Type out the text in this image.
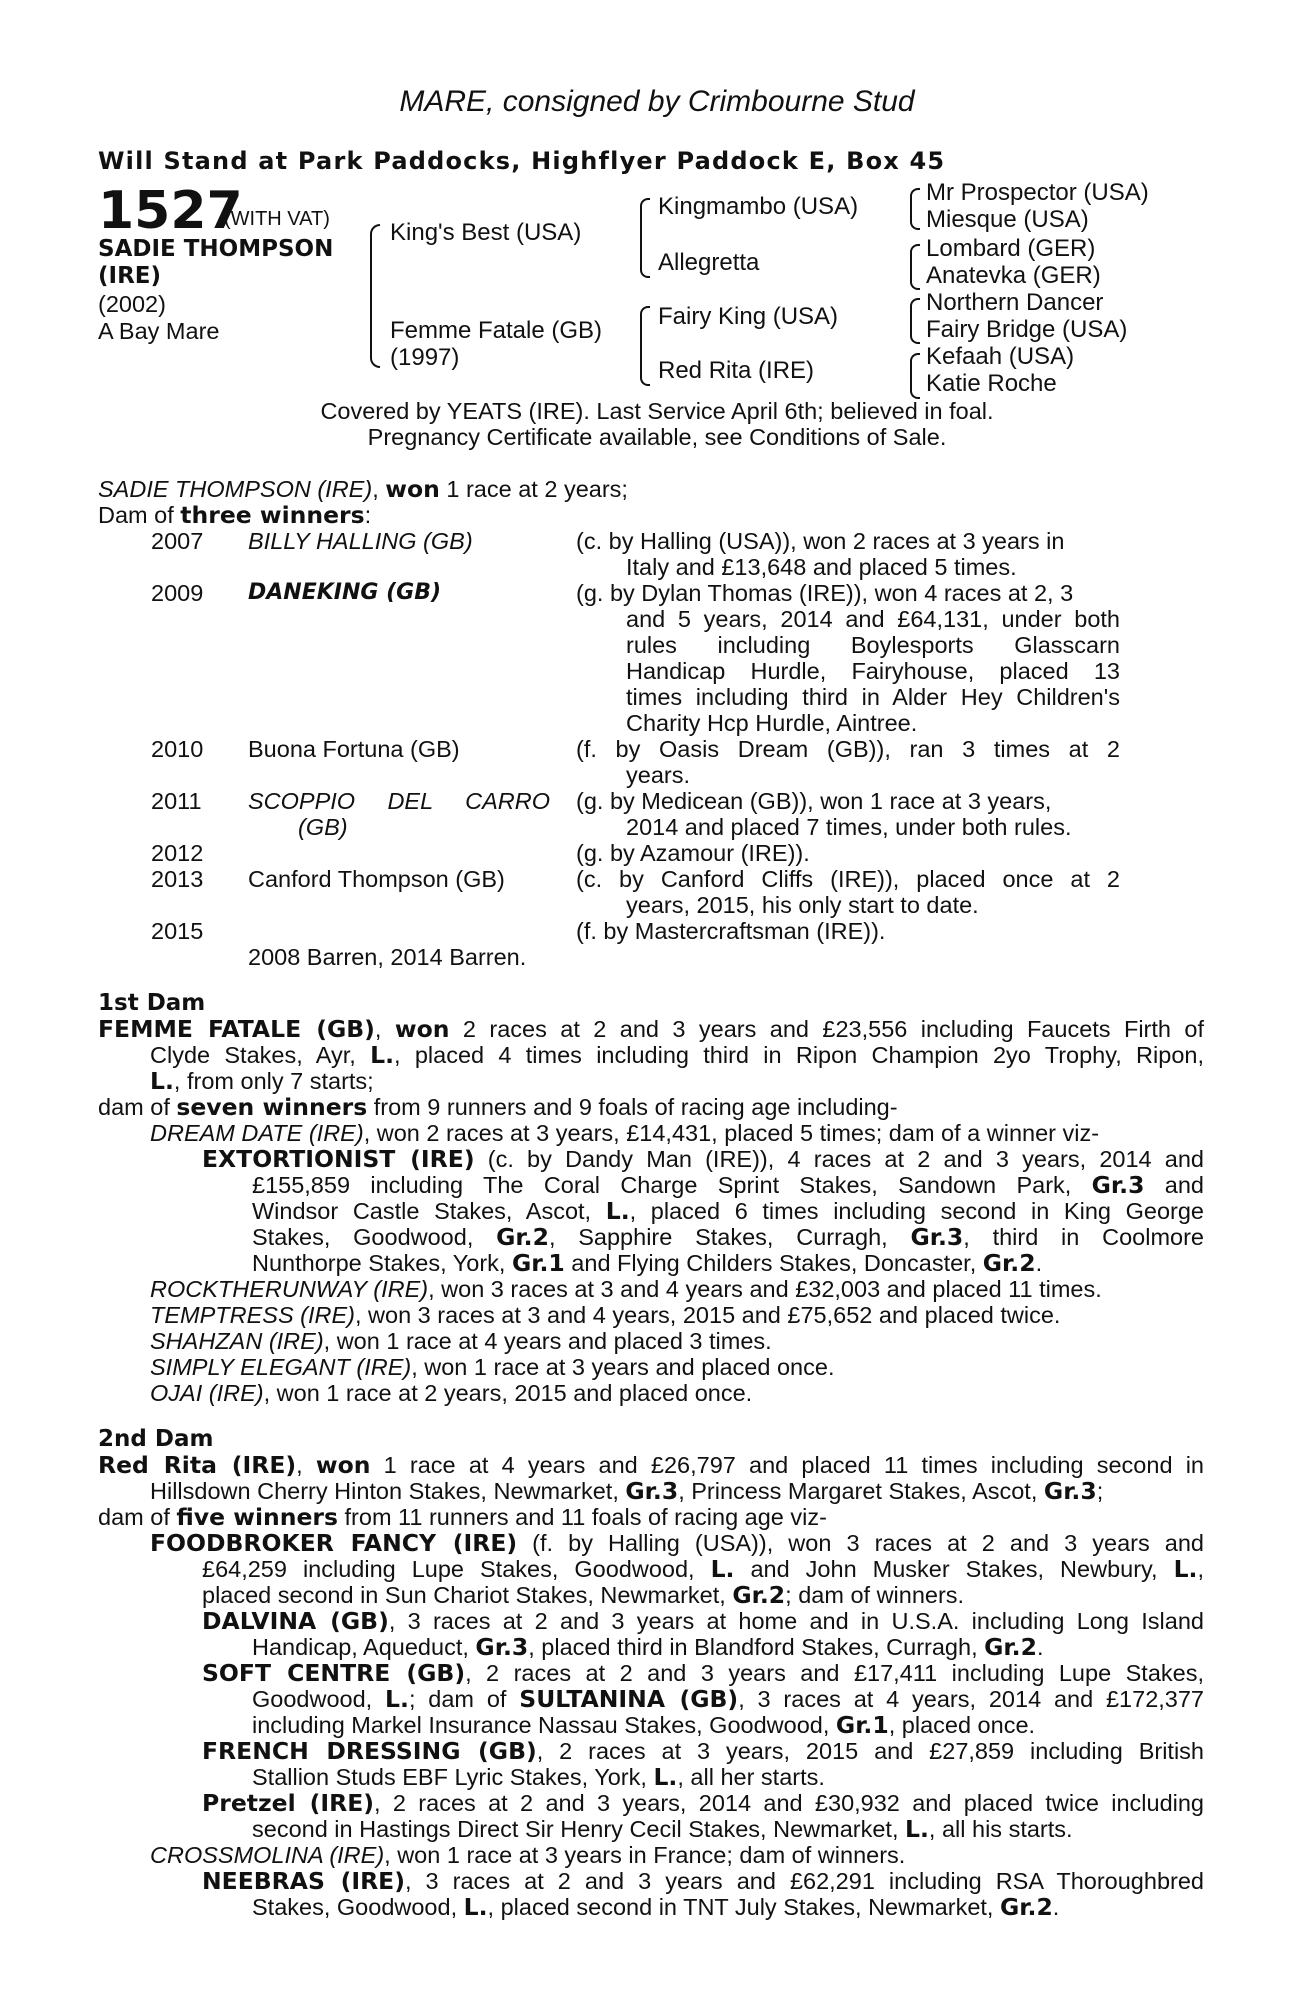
MARE, consigned by Crimbourne Stud
Will Stand at Park Paddocks, Highflyer Paddock E, Box 45
1527
(WITH VAT)
SADIE THOMPSON
(IRE)
(2002)
A Bay Mare
King's Best (USA)
Femme Fatale (GB)
(1997)
Kingmambo (USA)
Allegretta
Fairy King (USA)
Red Rita (IRE)
Mr Prospector (USA)
Miesque (USA)
Lombard (GER)
Anatevka (GER)
Northern Dancer
Fairy Bridge (USA)
Kefaah (USA)
Katie Roche
Covered by YEATS (IRE). Last Service April 6th; believed in foal.
Pregnancy Certificate available, see Conditions of Sale.
SADIE THOMPSON (IRE), won 1 race at 2 years;
Dam of three winners:
2007 BILLY HALLING (GB)	(c. by Halling (USA)), won 2 races at 3 years in
Italy and £13,648 and placed 5 times.
2009 DANEKING (GB)	(g. by Dylan Thomas (IRE)), won 4 races at 2, 3
and 5 years, 2014 and £64,131, under both
rules including Boylesports Glasscarn
Handicap Hurdle, Fairyhouse, placed 13
times including third in Alder Hey Children's
Charity Hcp Hurdle, Aintree.
2010 Buona Fortuna (GB)	(f. by Oasis Dream (GB)), ran 3 times at 2
years.
2011 SCOPPIO DEL CARRO
(GB)
(g. by Medicean (GB)), won 1 race at 3 years,
2014 and placed 7 times, under both rules.
2012	(g. by Azamour (IRE)).
2013 Canford Thompson (GB)	(c. by Canford Cliffs (IRE)), placed once at 2
years, 2015, his only start to date.
2015	(f. by Mastercraftsman (IRE)).
2008 Barren, 2014 Barren.
1st Dam
FEMME FATALE (GB), won 2 races at 2 and 3 years and £23,556 including Faucets Firth of
Clyde Stakes, Ayr, L., placed 4 times including third in Ripon Champion 2yo Trophy, Ripon,
L., from only 7 starts;
dam of seven winners from 9 runners and 9 foals of racing age including-
DREAM DATE (IRE), won 2 races at 3 years, £14,431, placed 5 times; dam of a winner viz-
EXTORTIONIST (IRE) (c. by Dandy Man (IRE)), 4 races at 2 and 3 years, 2014 and
£155,859 including The Coral Charge Sprint Stakes, Sandown Park, Gr.3 and
Windsor Castle Stakes, Ascot, L., placed 6 times including second in King George
Stakes, Goodwood, Gr.2, Sapphire Stakes, Curragh, Gr.3, third in Coolmore
Nunthorpe Stakes, York, Gr.1 and Flying Childers Stakes, Doncaster, Gr.2.
ROCKTHERUNWAY (IRE), won 3 races at 3 and 4 years and £32,003 and placed 11 times.
TEMPTRESS (IRE), won 3 races at 3 and 4 years, 2015 and £75,652 and placed twice.
SHAHZAN (IRE), won 1 race at 4 years and placed 3 times.
SIMPLY ELEGANT (IRE), won 1 race at 3 years and placed once.
OJAI (IRE), won 1 race at 2 years, 2015 and placed once.
2nd Dam
Red Rita (IRE), won 1 race at 4 years and £26,797 and placed 11 times including second in
Hillsdown Cherry Hinton Stakes, Newmarket, Gr.3, Princess Margaret Stakes, Ascot, Gr.3;
dam of five winners from 11 runners and 11 foals of racing age viz-
FOODBROKER FANCY (IRE) (f. by Halling (USA)), won 3 races at 2 and 3 years and
£64,259 including Lupe Stakes, Goodwood, L. and John Musker Stakes, Newbury, L.,
placed second in Sun Chariot Stakes, Newmarket, Gr.2; dam of winners.
DALVINA (GB), 3 races at 2 and 3 years at home and in U.S.A. including Long Island
Handicap, Aqueduct, Gr.3, placed third in Blandford Stakes, Curragh, Gr.2.
SOFT CENTRE (GB), 2 races at 2 and 3 years and £17,411 including Lupe Stakes,
Goodwood, L.; dam of SULTANINA (GB), 3 races at 4 years, 2014 and £172,377
including Markel Insurance Nassau Stakes, Goodwood, Gr.1, placed once.
FRENCH DRESSING (GB), 2 races at 3 years, 2015 and £27,859 including British
Stallion Studs EBF Lyric Stakes, York, L., all her starts.
Pretzel (IRE), 2 races at 2 and 3 years, 2014 and £30,932 and placed twice including
second in Hastings Direct Sir Henry Cecil Stakes, Newmarket, L., all his starts.
CROSSMOLINA (IRE), won 1 race at 3 years in France; dam of winners.
NEEBRAS (IRE), 3 races at 2 and 3 years and £62,291 including RSA Thoroughbred
Stakes, Goodwood, L., placed second in TNT July Stakes, Newmarket, Gr.2.
